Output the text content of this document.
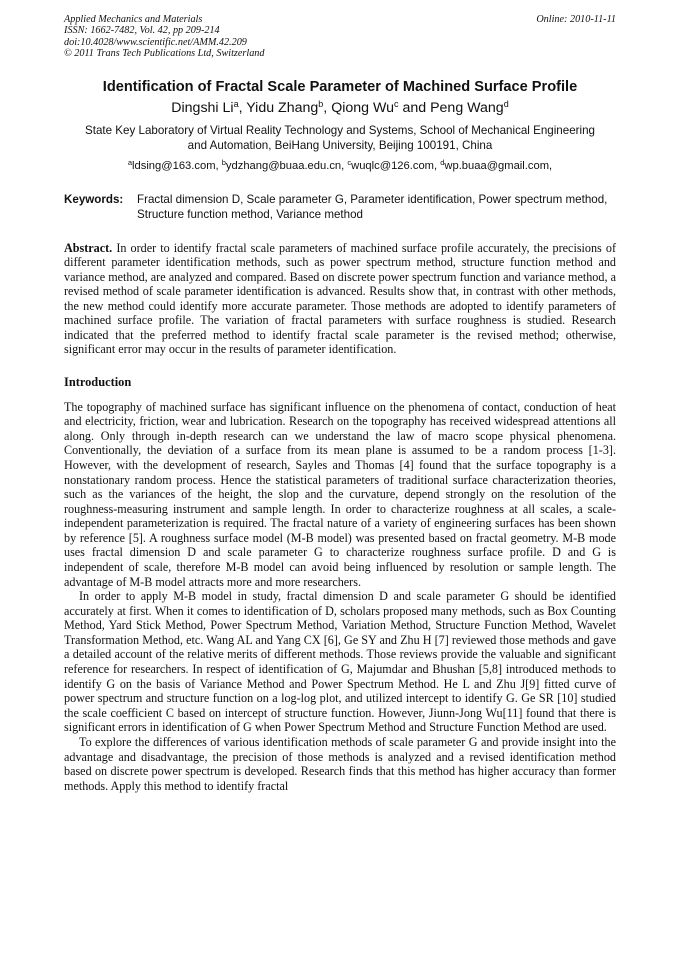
Applied Mechanics and Materials
ISSN: 1662-7482, Vol. 42, pp 209-214
doi:10.4028/www.scientific.net/AMM.42.209
© 2011 Trans Tech Publications Ltd, Switzerland
Online: 2010-11-11
Identification of Fractal Scale Parameter of Machined Surface Profile
Dingshi Li$^a$, Yidu Zhang$^b$, Qiong Wu$^c$ and Peng Wang$^d$
State Key Laboratory of Virtual Reality Technology and Systems, School of Mechanical Engineering
and Automation, BeiHang University, Beijing 100191, China
$^a$ldsing@163.com, $^b$ydzhang@buaa.edu.cn, $^c$wuqlc@126.com, $^d$wp.buaa@gmail.com,
Keywords:	Fractal dimension D, Scale parameter G, Parameter identification, Power spectrum method, Structure function method, Variance method
Abstract. In order to identify fractal scale parameters of machined surface profile accurately, the precisions of different parameter identification methods, such as power spectrum method, structure function method and variance method, are analyzed and compared. Based on discrete power spectrum function and variance method, a revised method of scale parameter identification is advanced. Results show that, in contrast with other methods, the new method could identify more accurate parameter. Those methods are adopted to identify parameters of machined surface profile. The variation of fractal parameters with surface roughness is studied. Research indicated that the preferred method to identify fractal scale parameter is the revised method; otherwise, significant error may occur in the results of parameter identification.
Introduction

The topography of machined surface has significant influence on the phenomena of contact, conduction of heat and electricity, friction, wear and lubrication. Research on the topography has received widespread attentions all along. Only through in-depth research can we understand the law of macro scope physical phenomena. Conventionally, the deviation of a surface from its mean plane is assumed to be a random process [1-3]. However, with the development of research, Sayles and Thomas [4] found that the surface topography is a nonstationary random process. Hence the statistical parameters of traditional surface characterization theories, such as the variances of the height, the slop and the curvature, depend strongly on the resolution of the roughness-measuring instrument and sample length. In order to characterize roughness at all scales, a scale-independent parameterization is required. The fractal nature of a variety of engineering surfaces has been shown by reference [5]. A roughness surface model (M-B model) was presented based on fractal geometry. M-B mode uses fractal dimension D and scale parameter G to characterize roughness surface profile. D and G is independent of scale, therefore M-B model can avoid being influenced by resolution or sample length. The advantage of M-B model attracts more and more researchers.

In order to apply M-B model in study, fractal dimension D and scale parameter G should be identified accurately at first. When it comes to identification of D, scholars proposed many methods, such as Box Counting Method, Yard Stick Method, Power Spectrum Method, Variation Method, Structure Function Method, Wavelet Transformation Method, etc. Wang AL and Yang CX [6], Ge SY and Zhu H [7] reviewed those methods and gave a detailed account of the relative merits of different methods. Those reviews provide the valuable and significant reference for researchers. In respect of identification of G, Majumdar and Bhushan [5,8] introduced methods to identify G on the basis of Variance Method and Power Spectrum Method. He L and Zhu J[9] fitted curve of power spectrum and structure function on a log-log plot, and utilized intercept to identify G. Ge SR [10] studied the scale coefficient C based on intercept of structure function. However, Jiunn-Jong Wu[11] found that there is significant errors in identification of G when Power Spectrum Method and Structure Function Method are used.

To explore the differences of various identification methods of scale parameter G and provide insight into the advantage and disadvantage, the precision of those methods is analyzed and a revised identification method based on discrete power spectrum is developed. Research finds that this method has higher accuracy than former methods. Apply this method to identify fractal
